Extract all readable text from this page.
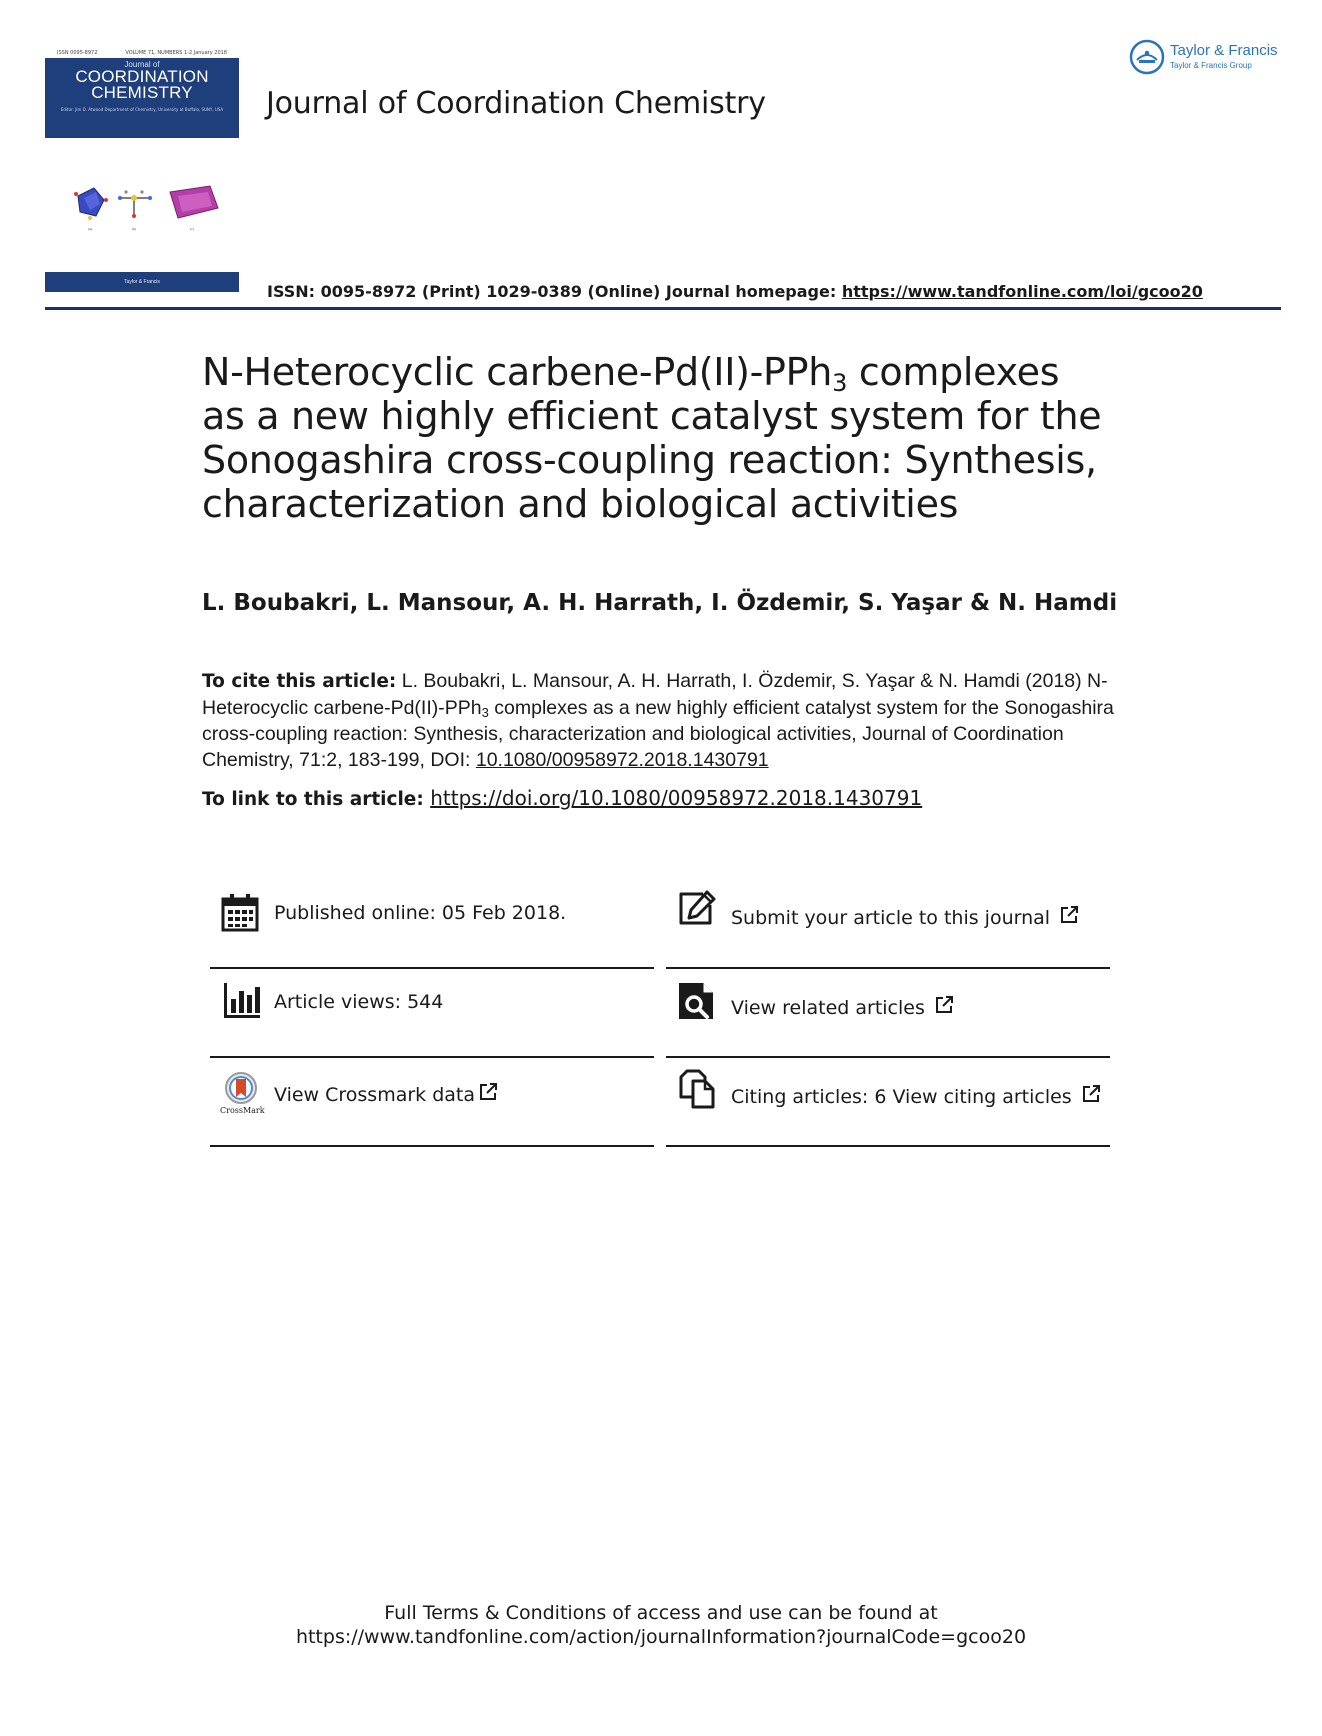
ISSN 0095-8972	VOLUME 71, NUMBERS 1-2 January 2018
Journal of
COORDINATION
CHEMISTRY
Editor: Jim D. Atwood Department of Chemistry, University at Buffalo, SUNY, USA
(a)	(b)	(c)
Taylor & Francis
Journal of Coordination Chemistry
Taylor & Francis
Taylor & Francis Group
ISSN: 0095-8972 (Print) 1029-0389 (Online) Journal homepage: https://www.tandfonline.com/loi/gcoo20
N-Heterocyclic carbene-Pd(II)-PPh$_3$ complexes as a new highly efficient catalyst system for the Sonogashira cross-coupling reaction: Synthesis, characterization and biological activities
L. Boubakri, L. Mansour, A. H. Harrath, I. Özdemir, S. Yaşar & N. Hamdi
To cite this article: L. Boubakri, L. Mansour, A. H. Harrath, I. Özdemir, S. Yaşar & N. Hamdi (2018) N-Heterocyclic carbene-Pd(II)-PPh$_3$ complexes as a new highly efficient catalyst system for the Sonogashira cross-coupling reaction: Synthesis, characterization and biological activities, Journal of Coordination Chemistry, 71:2, 183-199, DOI: 10.1080/00958972.2018.1430791
To link to this article: https://doi.org/10.1080/00958972.2018.1430791
Published online: 05 Feb 2018.
Article views: 544
CrossMark
View Crossmark data
Submit your article to this journal
View related articles
Citing articles: 6 View citing articles
Full Terms & Conditions of access and use can be found at
https://www.tandfonline.com/action/journalInformation?journalCode=gcoo20
